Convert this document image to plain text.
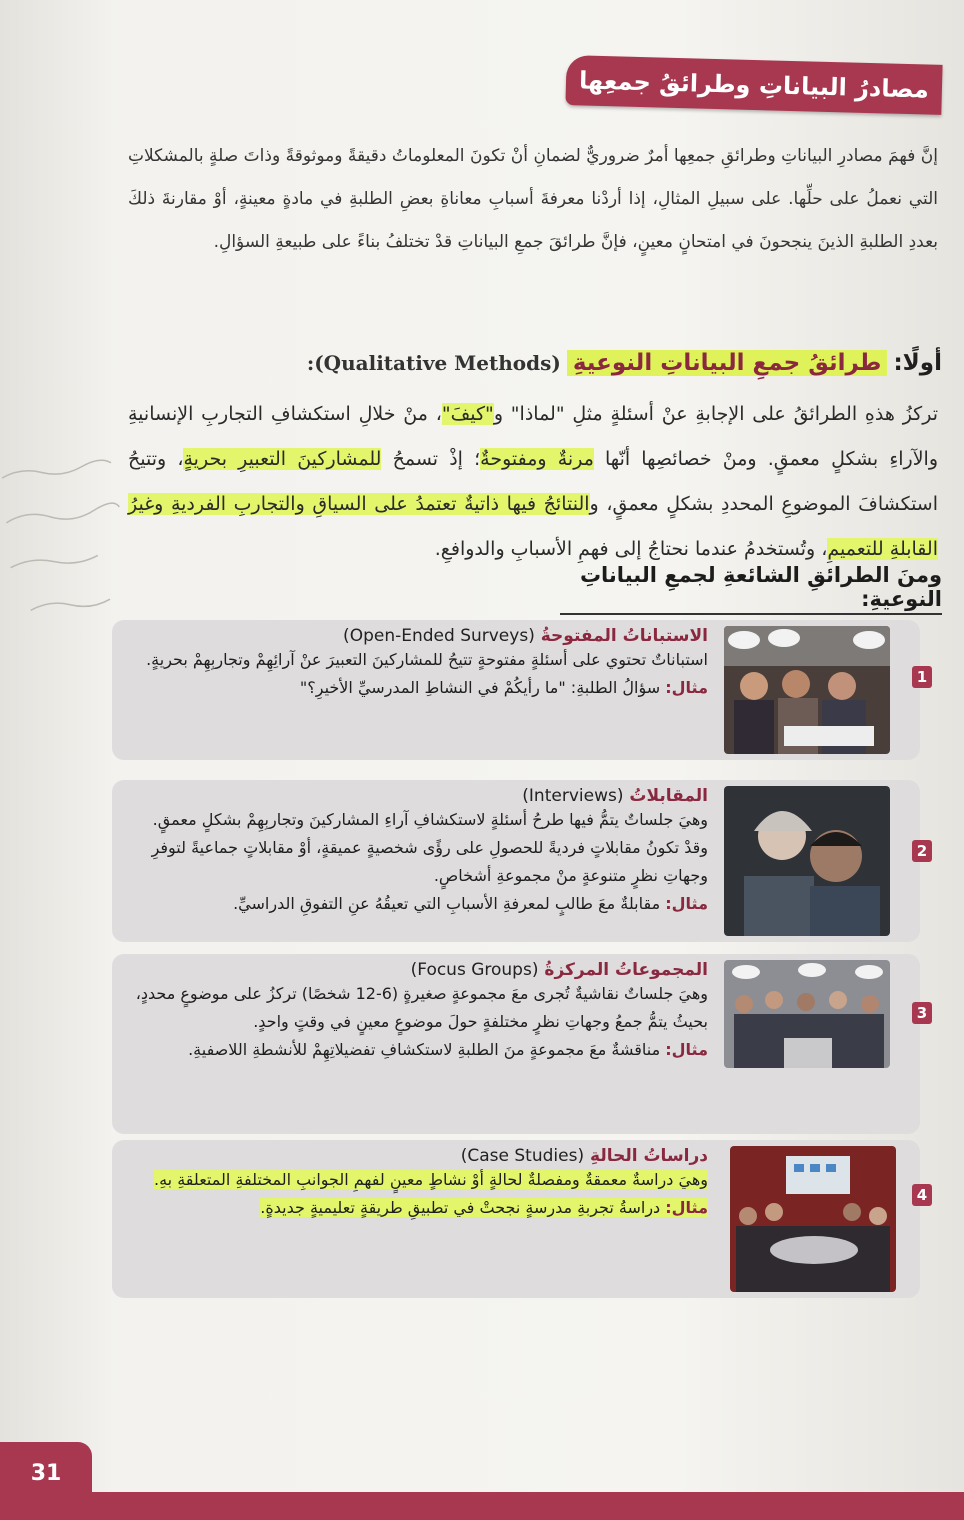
مصادرُ البياناتِ وطرائقُ جمعِها
إنَّ فهمَ مصادرِ البياناتِ وطرائقِ جمعِها أمرٌ ضروريٌّ لضمانِ أنْ تكونَ المعلوماتُ دقيقةً وموثوقةً وذاتَ صلةٍ بالمشكلاتِ التي نعملُ على حلِّها. على سبيلِ المثالِ، إذا أردْنا معرفةَ أسبابِ معاناةِ بعضِ الطلبةِ في مادةٍ معينةٍ، أوْ مقارنةَ ذلكَ بعددِ الطلبةِ الذينَ ينجحونَ في امتحانٍ معينٍ، فإنَّ طرائقَ جمعِ البياناتِ قدْ تختلفُ بناءً على طبيعةِ السؤالِ.
أولًا:
طرائقُ جمعِ البياناتِ النوعيةِ
(Qualitative Methods):
تركزُ هذهِ الطرائقُ على الإجابةِ عنْ أسئلةٍ مثلِ "لماذا" و"كيفَ"، منْ خلالِ استكشافِ التجاربِ الإنسانيةِ والآراءِ بشكلٍ معمقٍ. ومنْ خصائصِها أنّها مرنةٌ ومفتوحةٌ؛ إذْ تسمحُ للمشاركينَ التعبيرِ بحريةٍ، وتتيحُ استكشافَ الموضوعِ المحددِ بشكلٍ معمقٍ، والنتائجُ فيها ذاتيةٌ تعتمدُ على السياقِ والتجاربِ الفرديةِ وغيرُ القابلةِ للتعميمِ، وتُستخدمُ عندما نحتاجُ إلى فهمِ الأسبابِ والدوافعِ.
ومنَ الطرائقِ الشائعةِ لجمعِ البياناتِ النوعيةِ:
1
الاستباناتُ المفتوحةُ (Open-Ended Surveys)
استباناتٌ تحتوي على أسئلةٍ مفتوحةٍ تتيحُ للمشاركينَ التعبيرَ عنْ آرائِهِمْ وتجاربِهِمْ بحريةٍ.
مثال: سؤالُ الطلبةِ: "ما رأيكُمْ في النشاطِ المدرسيِّ الأخيرِ؟"
2
المقابلاتُ (Interviews)
وهيَ جلساتٌ يتمُّ فيها طرحُ أسئلةٍ لاستكشافِ آراءِ المشاركينَ وتجاربِهِمْ بشكلٍ معمقٍ. وقدْ تكونُ مقابلاتٍ فرديةً للحصولِ على رؤًى شخصيةٍ عميقةٍ، أوْ مقابلاتٍ جماعيةً لتوفرِ وجهاتِ نظرٍ متنوعةٍ منْ مجموعةِ أشخاصٍ.
مثال: مقابلةٌ معَ طالبٍ لمعرفةِ الأسبابِ التي تعيقُهُ عنِ التفوقِ الدراسيِّ.
3
المجموعاتُ المركزةُ (Focus Groups)
وهيَ جلساتٌ نقاشيةٌ تُجرى معَ مجموعةٍ صغيرةٍ (6-12 شخصًا) تركزُ على موضوعٍ محددٍ، بحيثُ يتمُّ جمعُ وجهاتِ نظرٍ مختلفةٍ حولَ موضوعٍ معينٍ في وقتٍ واحدٍ.
مثال: مناقشةٌ معَ مجموعةٍ منَ الطلبةِ لاستكشافِ تفضيلاتِهِمْ للأنشطةِ اللاصفيةِ.
4
دراساتُ الحالةِ (Case Studies)
وهيَ دراسةٌ معمقةٌ ومفصلةٌ لحالةٍ أوْ نشاطٍ معينٍ لفهمِ الجوانبِ المختلفةِ المتعلقةِ بهِ.
مثال: دراسةُ تجربةِ مدرسةٍ نجحتْ في تطبيقِ طريقةٍ تعليميةٍ جديدةٍ.
31
